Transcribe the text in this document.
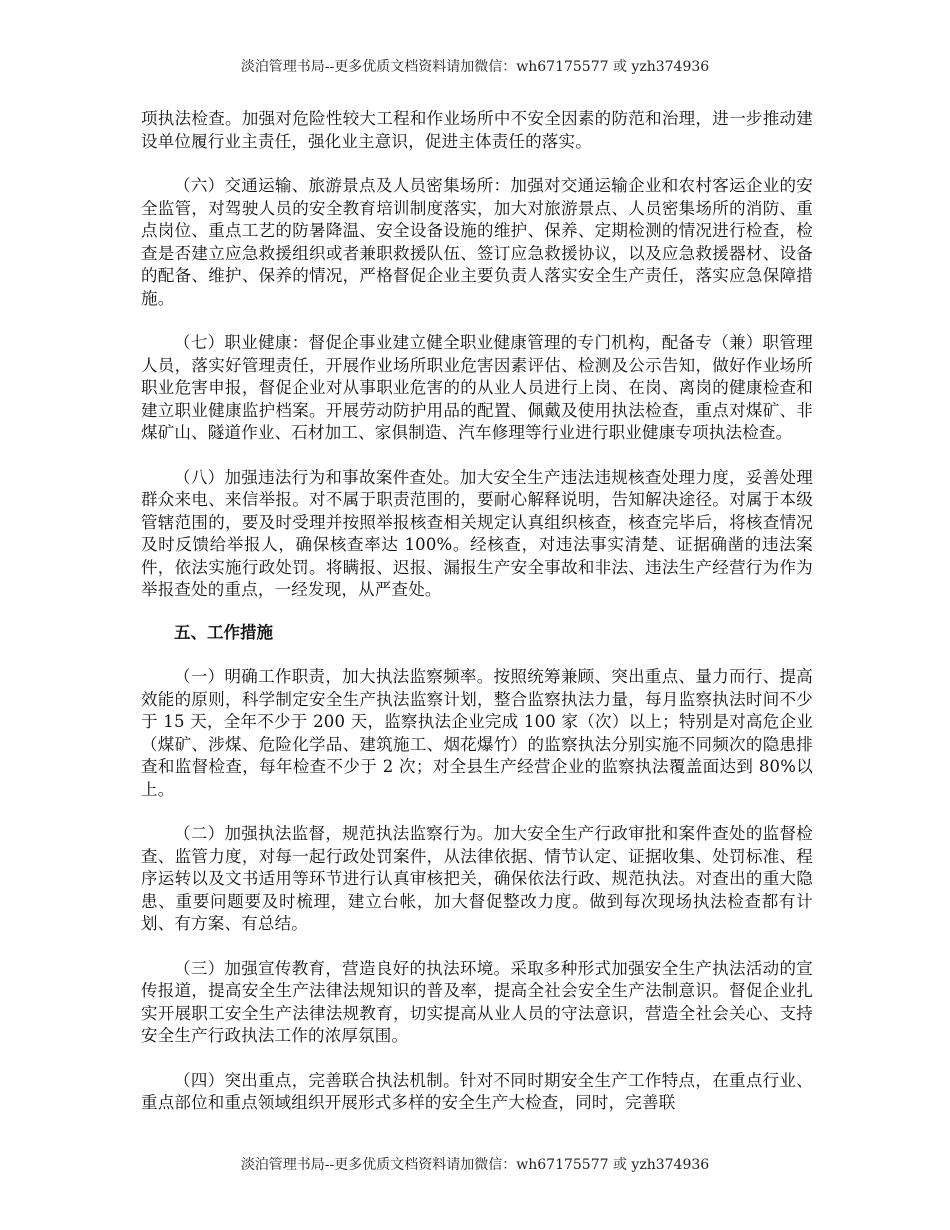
淡泊管理书局--更多优质文档资料请加微信：wh67175577 或 yzh374936

项执法检查。加强对危险性较大工程和作业场所中不安全因素的防范和治理，进一步推动建设单位履行业主责任，强化业主意识，促进主体责任的落实。

（六）交通运输、旅游景点及人员密集场所：加强对交通运输企业和农村客运企业的安全监管，对驾驶人员的安全教育培训制度落实，加大对旅游景点、人员密集场所的消防、重点岗位、重点工艺的防暑降温、安全设备设施的维护、保养、定期检测的情况进行检查，检查是否建立应急救援组织或者兼职救援队伍、签订应急救援协议，以及应急救援器材、设备的配备、维护、保养的情况，严格督促企业主要负责人落实安全生产责任，落实应急保障措施。

（七）职业健康：督促企事业建立健全职业健康管理的专门机构，配备专（兼）职管理人员，落实好管理责任，开展作业场所职业危害因素评估、检测及公示告知，做好作业场所职业危害申报，督促企业对从事职业危害的的从业人员进行上岗、在岗、离岗的健康检查和建立职业健康监护档案。开展劳动防护用品的配置、佩戴及使用执法检查，重点对煤矿、非煤矿山、隧道作业、石材加工、家俱制造、汽车修理等行业进行职业健康专项执法检查。

（八）加强违法行为和事故案件查处。加大安全生产违法违规核查处理力度，妥善处理群众来电、来信举报。对不属于职责范围的，要耐心解释说明，告知解决途径。对属于本级管辖范围的，要及时受理并按照举报核查相关规定认真组织核查，核查完毕后，将核查情况及时反馈给举报人，确保核查率达 100%。经核查，对违法事实清楚、证据确凿的违法案件，依法实施行政处罚。将瞒报、迟报、漏报生产安全事故和非法、违法生产经营行为作为举报查处的重点，一经发现，从严查处。

五、工作措施

（一）明确工作职责，加大执法监察频率。按照统筹兼顾、突出重点、量力而行、提高效能的原则，科学制定安全生产执法监察计划，整合监察执法力量，每月监察执法时间不少于 15 天，全年不少于 200 天，监察执法企业完成 100 家（次）以上；特别是对高危企业（煤矿、涉煤、危险化学品、建筑施工、烟花爆竹）的监察执法分别实施不同频次的隐患排查和监督检查，每年检查不少于 2 次；对全县生产经营企业的监察执法覆盖面达到 80%以上。

（二）加强执法监督，规范执法监察行为。加大安全生产行政审批和案件查处的监督检查、监管力度，对每一起行政处罚案件，从法律依据、情节认定、证据收集、处罚标准、程序运转以及文书适用等环节进行认真审核把关，确保依法行政、规范执法。对查出的重大隐患、重要问题要及时梳理，建立台帐，加大督促整改力度。做到每次现场执法检查都有计划、有方案、有总结。

（三）加强宣传教育，营造良好的执法环境。采取多种形式加强安全生产执法活动的宣传报道，提高安全生产法律法规知识的普及率，提高全社会安全生产法制意识。督促企业扎实开展职工安全生产法律法规教育，切实提高从业人员的守法意识，营造全社会关心、支持安全生产行政执法工作的浓厚氛围。

（四）突出重点，完善联合执法机制。针对不同时期安全生产工作特点，在重点行业、重点部位和重点领域组织开展形式多样的安全生产大检查，同时，完善联

淡泊管理书局--更多优质文档资料请加微信：wh67175577 或 yzh374936
